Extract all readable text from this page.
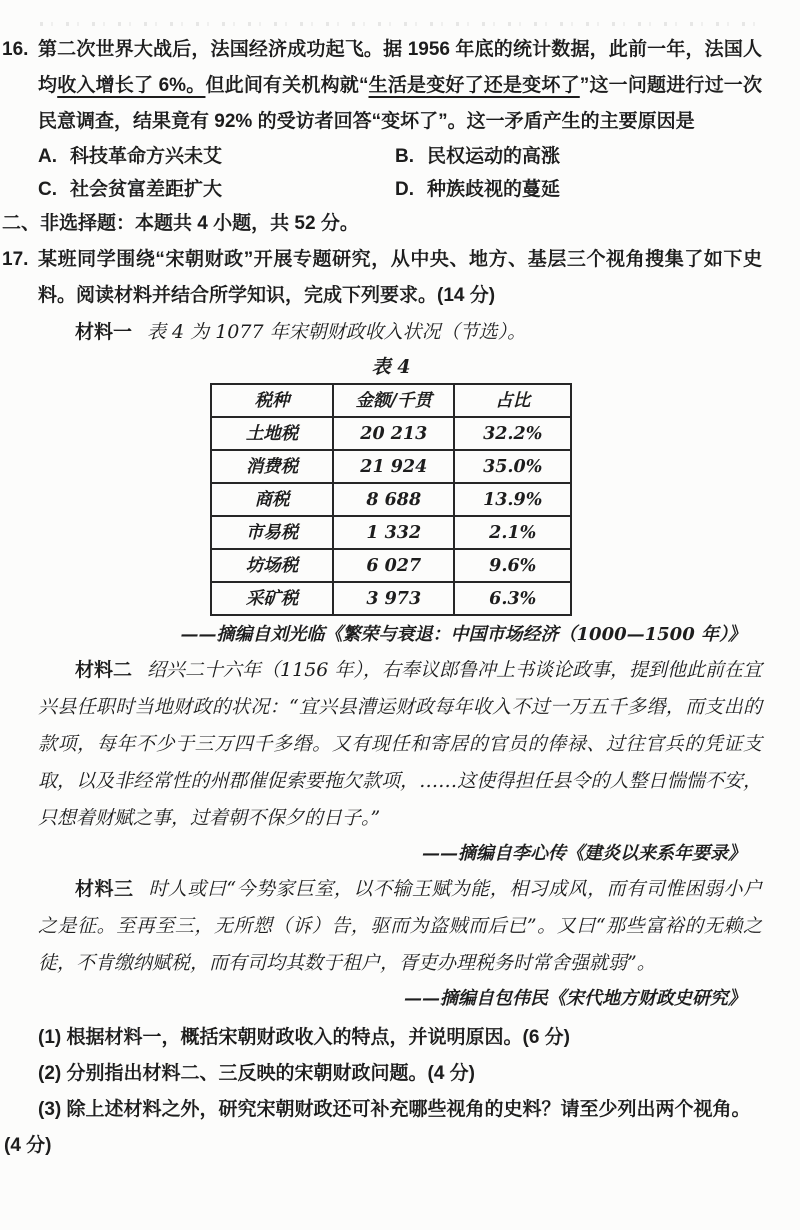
16. 第二次世界大战后，法国经济成功起飞。据 1956 年底的统计数据，此前一年，法国人均收入增长了 6%。但此间有关机构就“生活是变好了还是变坏了”这一问题进行过一次民意调查，结果竟有 92% 的受访者回答“变坏了”。这一矛盾产生的主要原因是

A. 科技革命方兴未艾	B. 民权运动的高涨
C. 社会贫富差距扩大	D. 种族歧视的蔓延

二、非选择题：本题共 4 小题，共 52 分。

17. 某班同学围绕“宋朝财政”开展专题研究，从中央、地方、基层三个视角搜集了如下史料。阅读材料并结合所学知识，完成下列要求。(14 分)

材料一 表 4 为 1077 年宋朝财政收入状况（节选）。

表 4

税种	金额/千贯	占比
土地税	20 213	32.2%
消费税	21 924	35.0%
商税	8 688	13.9%
市易税	1 332	2.1%
坊场税	6 027	9.6%
采矿税	3 973	6.3%

——摘编自刘光临《繁荣与衰退：中国市场经济（1000—1500 年）》

材料二 绍兴二十六年（1156 年），右奉议郎鲁冲上书谈论政事，提到他此前在宜兴县任职时当地财政的状况：“宜兴县漕运财政每年收入不过一万五千多缗，而支出的款项，每年不少于三万四千多缗。又有现任和寄居的官员的俸禄、过往官兵的凭证支取，以及非经常性的州郡催促索要拖欠款项，……这使得担任县令的人整日惴惴不安，只想着财赋之事，过着朝不保夕的日子。”

——摘编自李心传《建炎以来系年要录》

材料三 时人或曰“今势家巨室，以不输王赋为能，相习成风，而有司惟困弱小户之是征。至再至三，无所愬（诉）告，驱而为盗贼而后已”。又曰“那些富裕的无赖之徒，不肯缴纳赋税，而有司均其数于租户，胥吏办理税务时常舍强就弱”。

——摘编自包伟民《宋代地方财政史研究》

(1) 根据材料一，概括宋朝财政收入的特点，并说明原因。(6 分)

(2) 分别指出材料二、三反映的宋朝财政问题。(4 分)

(3) 除上述材料之外，研究宋朝财政还可补充哪些视角的史料？请至少列出两个视角。
(4 分)
